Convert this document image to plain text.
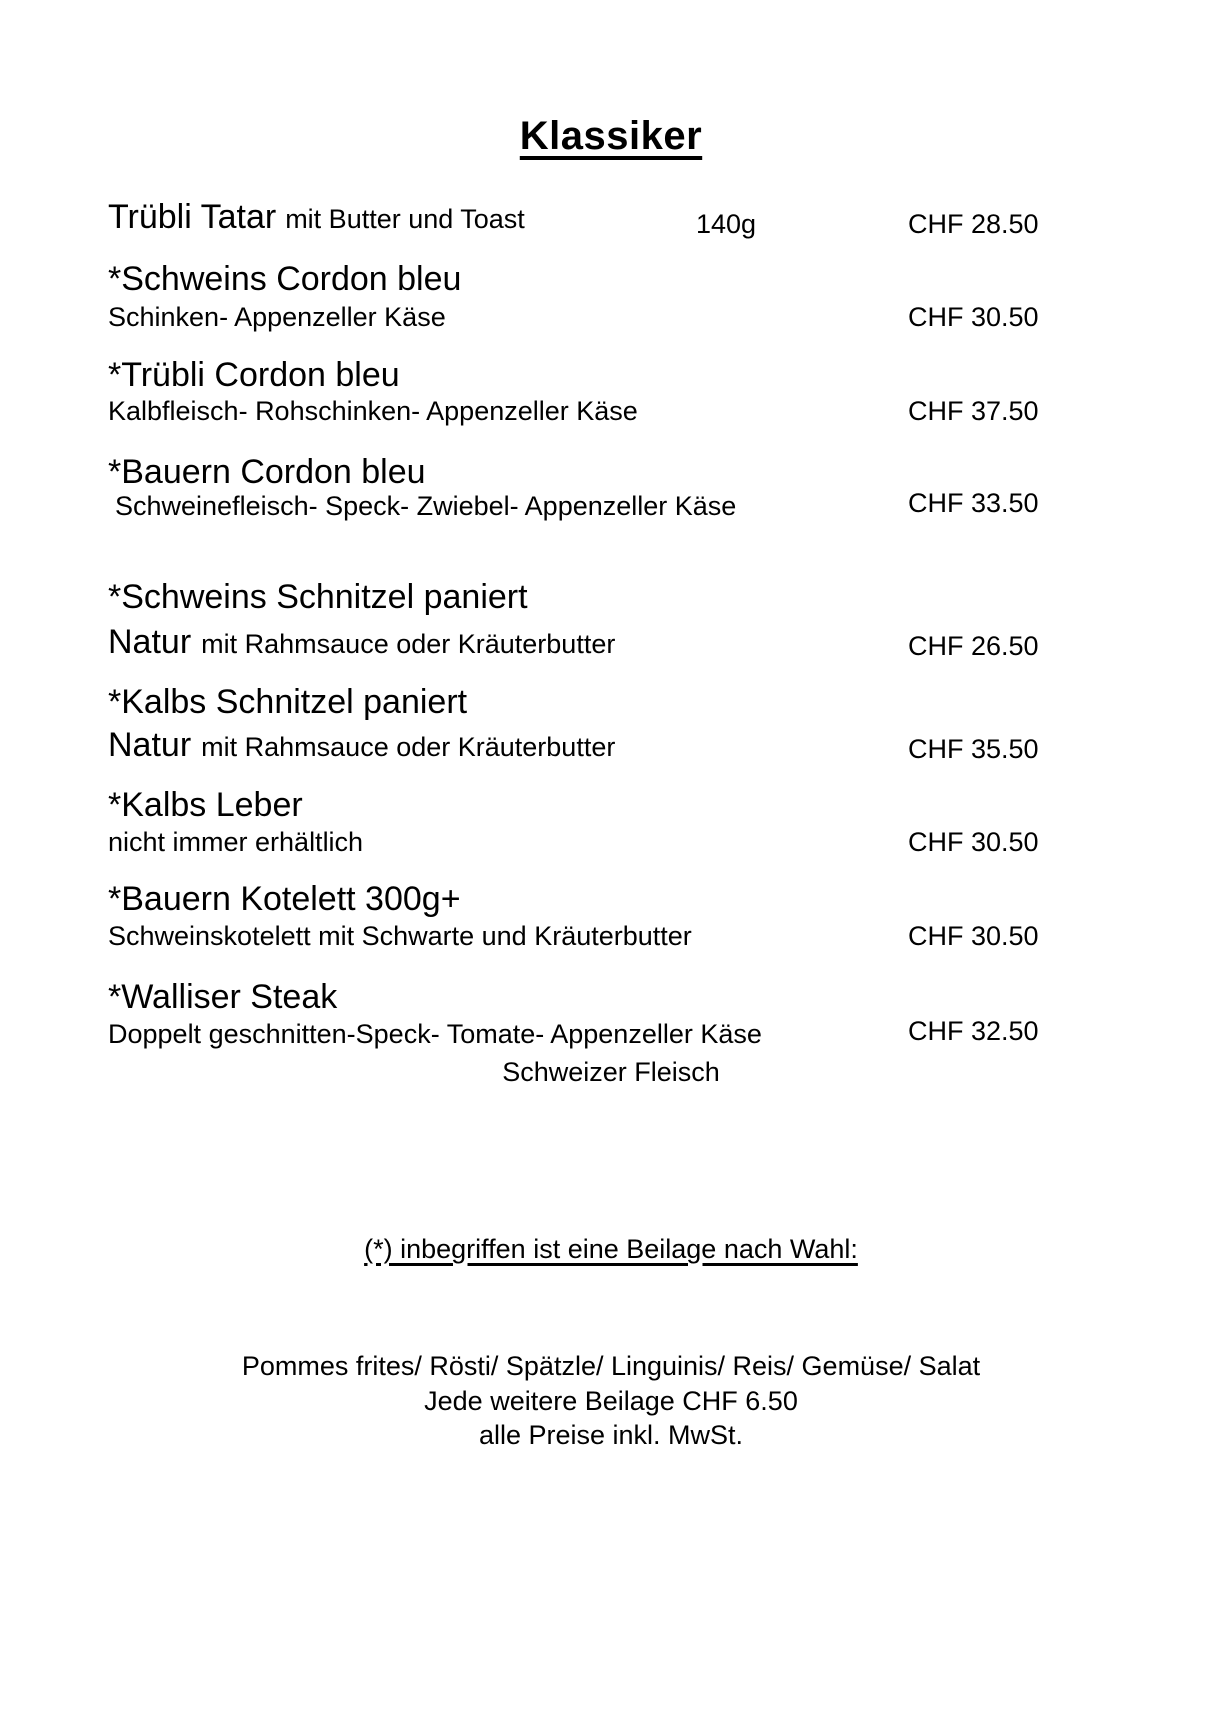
Klassiker
Trübli Tatar mit Butter und Toast	140g	CHF 28.50
*Schweins Cordon bleu
Schinken- Appenzeller Käse	CHF 30.50
*Trübli Cordon bleu
Kalbfleisch- Rohschinken- Appenzeller Käse	CHF 37.50
*Bauern Cordon bleu
Schweinefleisch- Speck- Zwiebel- Appenzeller Käse	CHF 33.50
*Schweins Schnitzel paniert
Natur mit Rahmsauce oder Kräuterbutter	CHF 26.50
*Kalbs Schnitzel paniert
Natur mit Rahmsauce oder Kräuterbutter	CHF 35.50
*Kalbs Leber
nicht immer erhältlich	CHF 30.50
*Bauern Kotelett 300g+
Schweinskotelett mit Schwarte und Kräuterbutter	CHF 30.50
*Walliser Steak
Doppelt geschnitten-Speck- Tomate- Appenzeller Käse
Schweizer Fleisch
CHF 32.50
(*) inbegriffen ist eine Beilage nach Wahl:
Pommes frites/ Rösti/ Spätzle/ Linguinis/ Reis/ Gemüse/ Salat
Jede weitere Beilage CHF 6.50
alle Preise inkl. MwSt.
